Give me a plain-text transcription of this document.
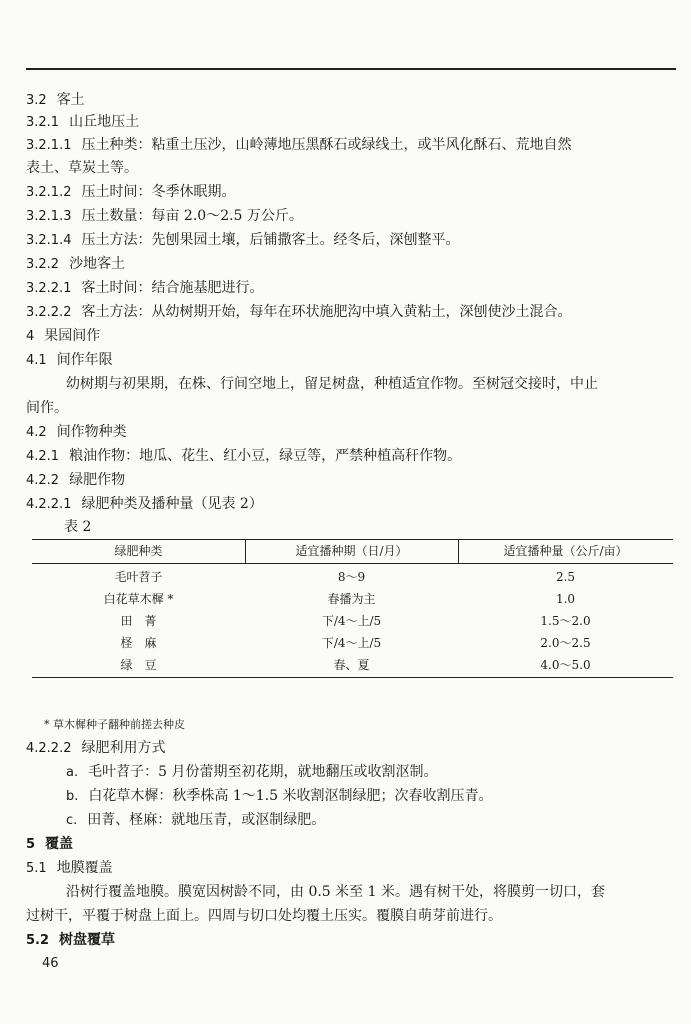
3.2 客土
3.2.1 山丘地压土
3.2.1.1 压土种类：粘重土压沙，山岭薄地压黑酥石或绿线土，或半风化酥石、荒地自然
表土、草炭土等。
3.2.1.2 压土时间：冬季休眠期。
3.2.1.3 压土数量：每亩 2.0～2.5 万公斤。
3.2.1.4 压土方法：先刨果园土壤，后铺撒客土。经冬后，深刨整平。
3.2.2 沙地客土
3.2.2.1 客土时间：结合施基肥进行。
3.2.2.2 客土方法：从幼树期开始，每年在环状施肥沟中填入黄粘土，深刨使沙土混合。
4 果园间作
4.1 间作年限
幼树期与初果期，在株、行间空地上，留足树盘，种植适宜作物。至树冠交接时，中止
间作。
4.2 间作物种类
4.2.1 粮油作物：地瓜、花生、红小豆，绿豆等，严禁种植高秆作物。
4.2.2 绿肥作物
4.2.2.1 绿肥种类及播种量（见表 2）
表 2
绿肥种类	适宜播种期（日/月）	适宜播种量（公斤/亩）
毛叶苕子	8～9	2.5
白花草木樨 *	春播为主	1.0
田　菁	下/4～上/5	1.5～2.0
柽　麻	下/4～上/5	2.0～2.5
绿　豆	春、夏	4.0～5.0
* 草木樨种子翻种前搓去种皮
4.2.2.2 绿肥利用方式
a. 毛叶苕子：5 月份蕾期至初花期，就地翻压或收割沤制。
b. 白花草木樨：秋季株高 1～1.5 米收割沤制绿肥；次春收割压青。
c. 田菁、柽麻：就地压青，或沤制绿肥。
5 覆盖
5.1 地膜覆盖
沿树行覆盖地膜。膜宽因树龄不同，由 0.5 米至 1 米。遇有树干处，将膜剪一切口，套
过树干，平覆于树盘上面上。四周与切口处均覆土压实。覆膜自萌芽前进行。
5.2 树盘覆草
46
